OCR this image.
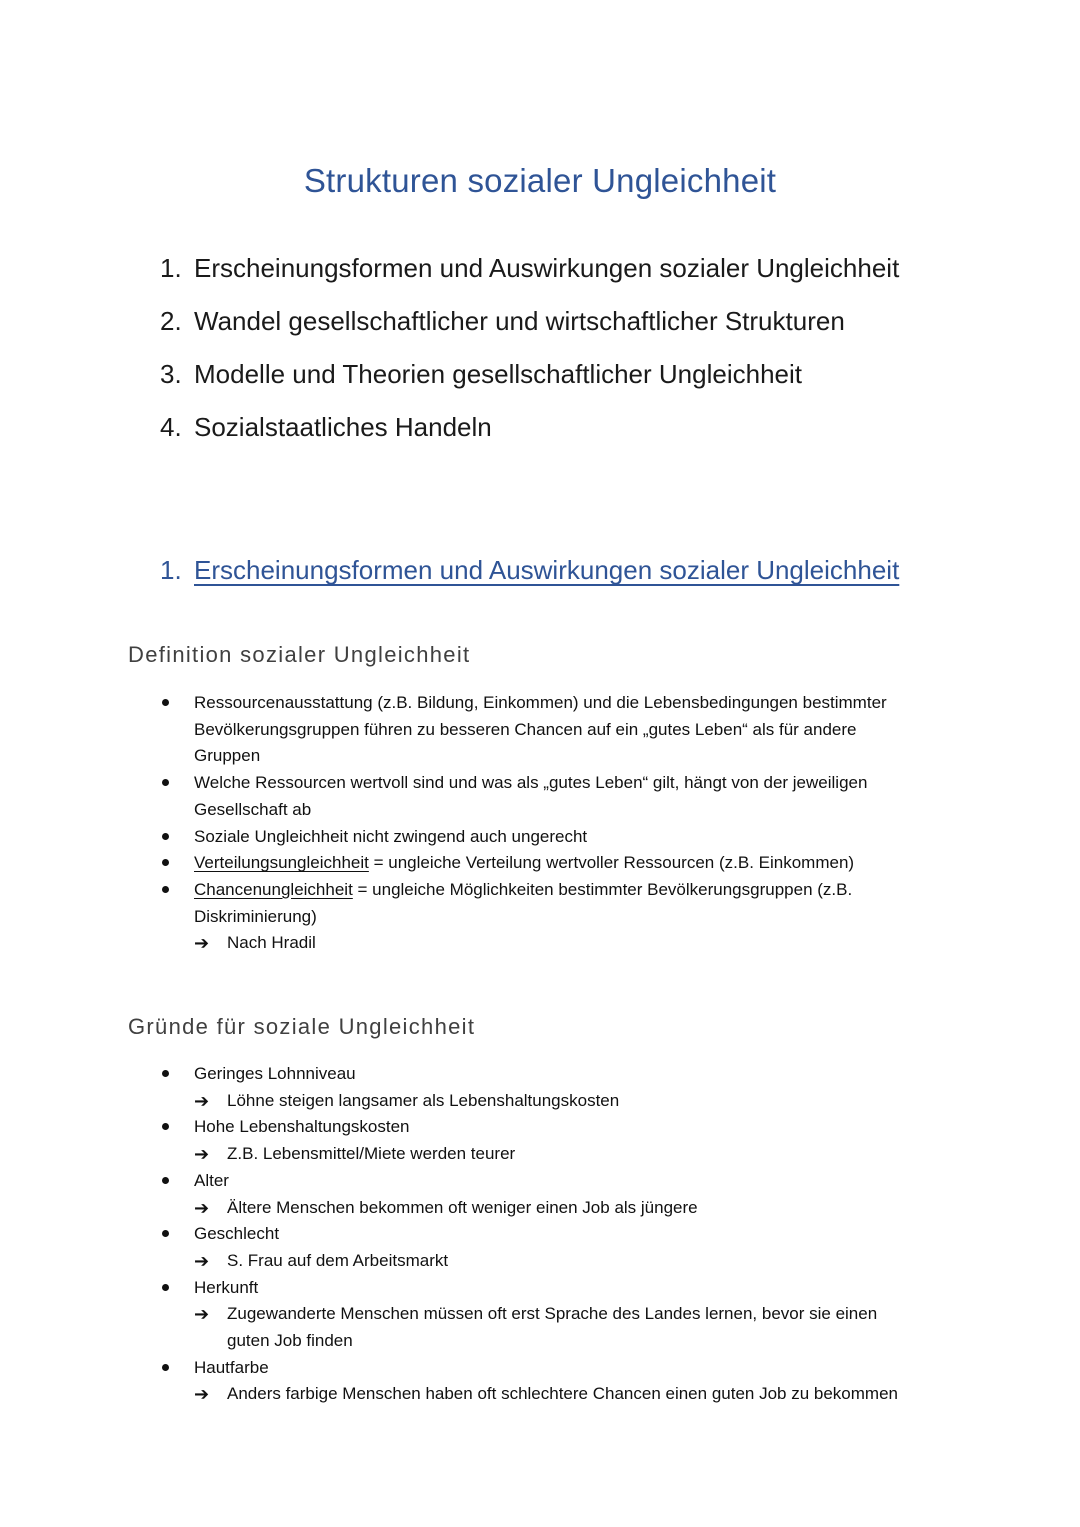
Strukturen sozialer Ungleichheit
1. Erscheinungsformen und Auswirkungen sozialer Ungleichheit
2. Wandel gesellschaftlicher und wirtschaftlicher Strukturen
3. Modelle und Theorien gesellschaftlicher Ungleichheit
4. Sozialstaatliches Handeln
1. Erscheinungsformen und Auswirkungen sozialer Ungleichheit
Definition sozialer Ungleichheit
Ressourcenausstattung (z.B. Bildung, Einkommen) und die Lebensbedingungen bestimmter
Bevölkerungsgruppen führen zu besseren Chancen auf ein „gutes Leben“ als für andere
Gruppen
Welche Ressourcen wertvoll sind und was als „gutes Leben“ gilt, hängt von der jeweiligen
Gesellschaft ab
Soziale Ungleichheit nicht zwingend auch ungerecht
Verteilungsungleichheit = ungleiche Verteilung wertvoller Ressourcen (z.B. Einkommen)
Chancenungleichheit = ungleiche Möglichkeiten bestimmter Bevölkerungsgruppen (z.B.
Diskriminierung)
➔ Nach Hradil
Gründe für soziale Ungleichheit
Geringes Lohnniveau
➔ Löhne steigen langsamer als Lebenshaltungskosten
Hohe Lebenshaltungskosten
➔ Z.B. Lebensmittel/Miete werden teurer
Alter
➔ Ältere Menschen bekommen oft weniger einen Job als jüngere
Geschlecht
➔ S. Frau auf dem Arbeitsmarkt
Herkunft
➔ Zugewanderte Menschen müssen oft erst Sprache des Landes lernen, bevor sie einen
guten Job finden
Hautfarbe
➔ Anders farbige Menschen haben oft schlechtere Chancen einen guten Job zu bekommen
